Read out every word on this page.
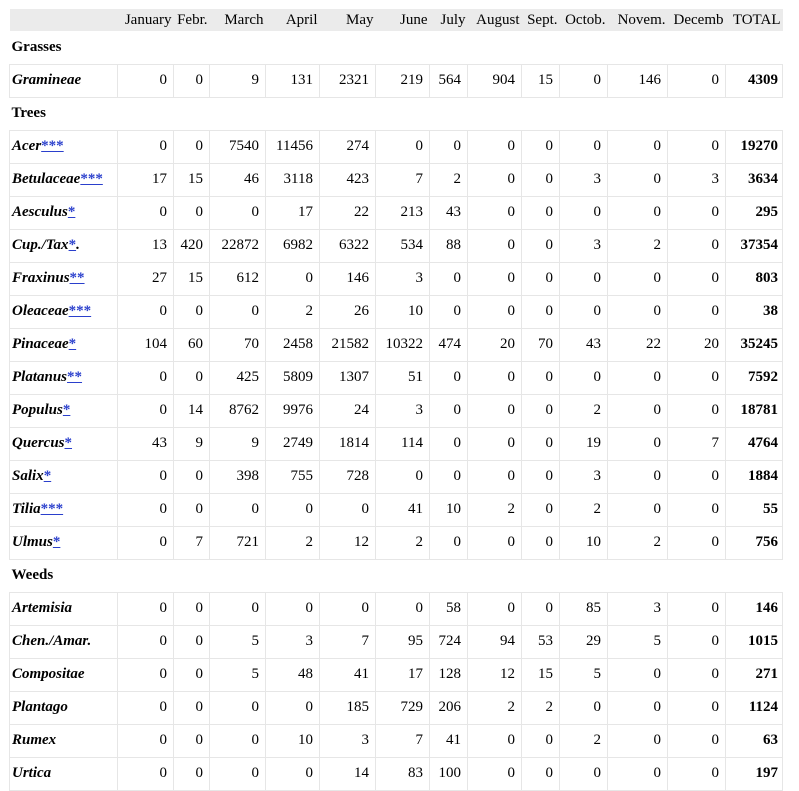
	January	Febr.	March	April	May	June	July	August	Sept.	Octob.	Novem.	Decemb	TOTAL
Grasses													
Gramineae	0	0	9	131	2321	219	564	904	15	0	146	0	4309
Trees													
Acer***	0	0	7540	11456	274	0	0	0	0	0	0	0	19270
Betulaceae***	17	15	46	3118	423	7	2	0	0	3	0	3	3634
Aesculus*	0	0	0	17	22	213	43	0	0	0	0	0	295
Cup./Tax*.	13	420	22872	6982	6322	534	88	0	0	3	2	0	37354
Fraxinus**	27	15	612	0	146	3	0	0	0	0	0	0	803
Oleaceae***	0	0	0	2	26	10	0	0	0	0	0	0	38
Pinaceae*	104	60	70	2458	21582	10322	474	20	70	43	22	20	35245
Platanus**	0	0	425	5809	1307	51	0	0	0	0	0	0	7592
Populus*	0	14	8762	9976	24	3	0	0	0	2	0	0	18781
Quercus*	43	9	9	2749	1814	114	0	0	0	19	0	7	4764
Salix*	0	0	398	755	728	0	0	0	0	3	0	0	1884
Tilia***	0	0	0	0	0	41	10	2	0	2	0	0	55
Ulmus*	0	7	721	2	12	2	0	0	0	10	2	0	756
Weeds													
Artemisia	0	0	0	0	0	0	58	0	0	85	3	0	146
Chen./Amar.	0	0	5	3	7	95	724	94	53	29	5	0	1015
Compositae	0	0	5	48	41	17	128	12	15	5	0	0	271
Plantago	0	0	0	0	185	729	206	2	2	0	0	0	1124
Rumex	0	0	0	10	3	7	41	0	0	2	0	0	63
Urtica	0	0	0	0	14	83	100	0	0	0	0	0	197
